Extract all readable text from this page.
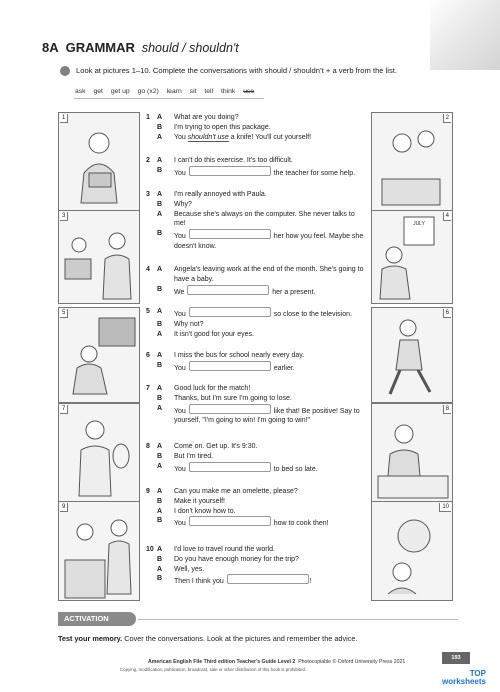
8A GRAMMAR should / shouldn't
Look at pictures 1–10. Complete the conversations with should / shouldn’t + a verb from the list.
ask get get up go (x2) learn sit tell think use
1
3
5
7
9
2
4
JULY
6
8
10
1 A What are you doing?
B I'm trying to open this package.
A You shouldn't use a knife! You'll cut yourself!
2 A I can't do this exercise. It's too difficult.
B You	the teacher for some help.
3 A I'm really annoyed with Paula.
B Why?
A Because she's always on the computer. She never talks to me!
B You	her how you feel. Maybe she doesn't know.
4 A Angela's leaving work at the end of the month. She's going to have a baby.
B We	her a present.
5 A You	so close to the television.
B Why not?
A It isn't good for your eyes.
6 A I miss the bus for school nearly every day.
B You	earlier.
7 A Good luck for the match!
B Thanks, but I'm sure I'm going to lose.
A You	like that! Be positive! Say to yourself, "I'm going to win! I'm going to win!"
8 A Come on. Get up. It's 9:30.
B But I'm tired.
A You	to bed so late.
9 A Can you make me an omelette, please?
B Make it yourself!
A I don't know how to.
B You	how to cook then!
10 A I'd love to travel round the world.
B Do you have enough money for the trip?
A Well, yes.
B Then I think you	!
ACTIVATION
Test your memory. Cover the conversations. Look at the pictures and remember the advice.
American English File Third edition Teacher's Guide Level 2 Photocopiable © Oxford University Press 2021
Copying, modification, publication, broadcast, sale or other distribution of this book is prohibited.
193
TOP
worksheets
